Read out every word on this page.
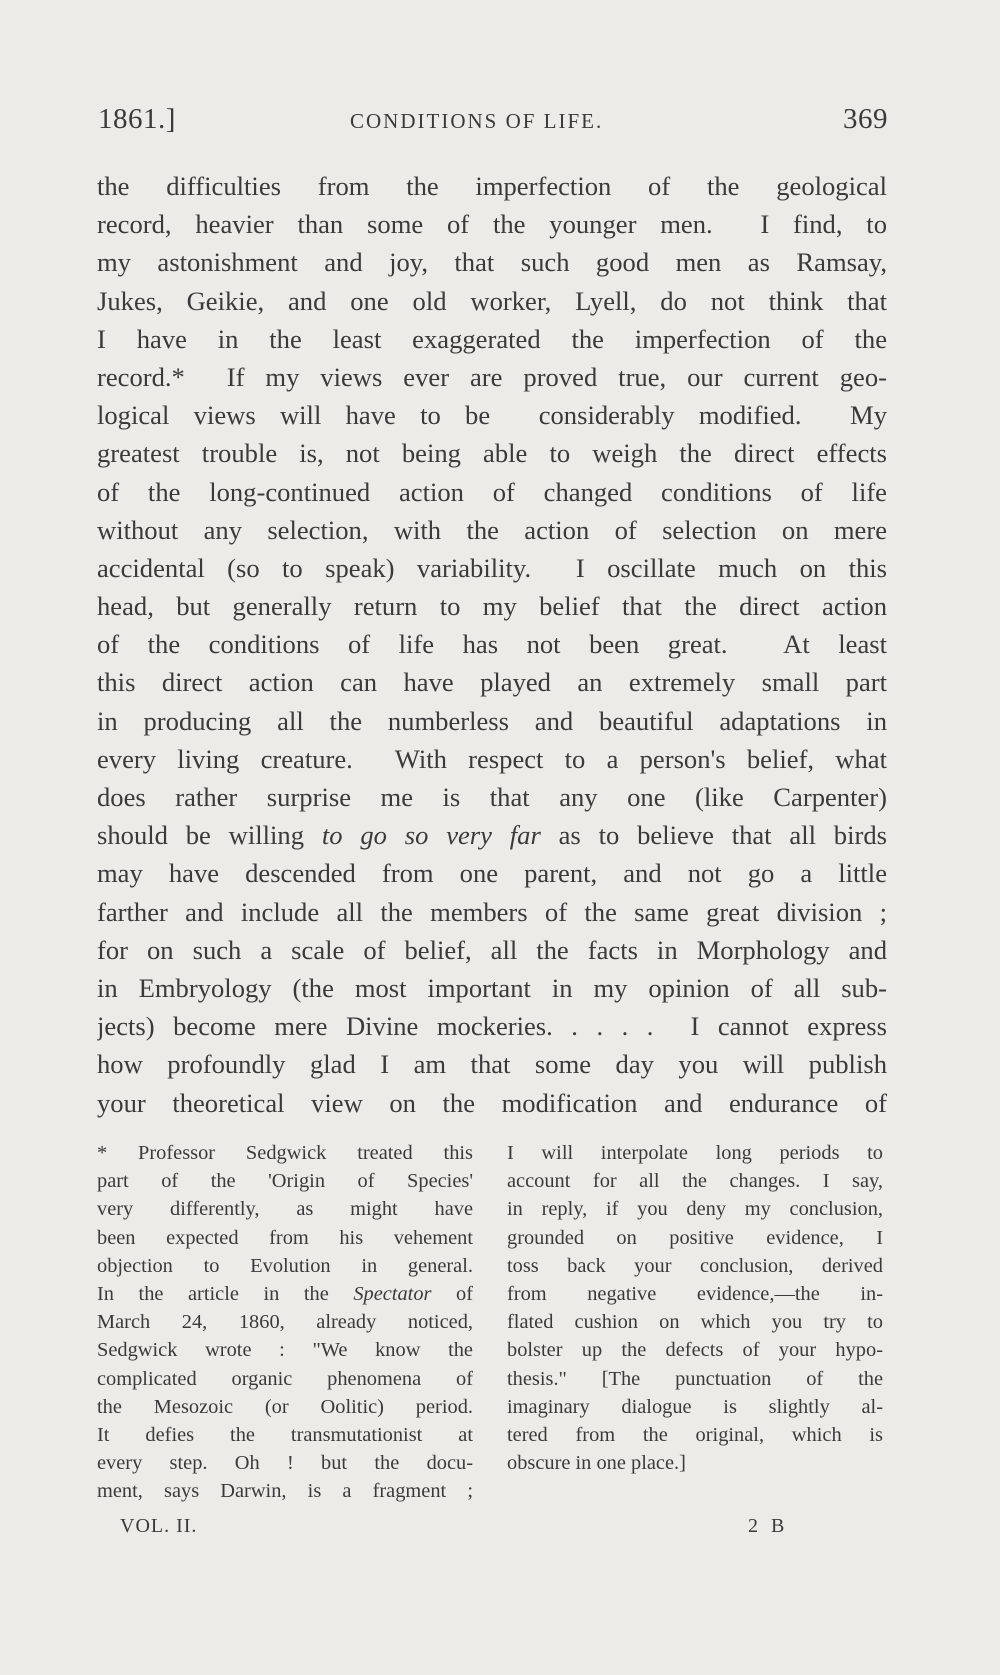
1861.]	CONDITIONS OF LIFE.	369
the difficulties from the imperfection of the geological
record, heavier than some of the younger men.  I find, to
my astonishment and joy, that such good men as Ramsay,
Jukes, Geikie, and one old worker, Lyell, do not think that
I have in the least exaggerated the imperfection of the
record.*  If my views ever are proved true, our current geo-
logical views will have to be  considerably modified.  My
greatest trouble is, not being able to weigh the direct effects
of the long-continued action of changed conditions of life
without any selection, with the action of selection on mere
accidental (so to speak) variability.  I oscillate much on this
head, but generally return to my belief that the direct action
of the conditions of life has not been great.  At least
this direct action can have played an extremely small part
in producing all the numberless and beautiful adaptations in
every living creature.  With respect to a person's belief, what
does rather surprise me is that any one (like Carpenter)
should be willing to go so very far as to believe that all birds
may have descended from one parent, and not go a little
farther and include all the members of the same great division ;
for on such a scale of belief, all the facts in Morphology and
in Embryology (the most important in my opinion of all sub-
jects) become mere Divine mockeries. . . . .  I cannot express
how profoundly glad I am that some day you will publish
your theoretical view on the modification and endurance of
* Professor Sedgwick treated this
part of the 'Origin of Species'
very differently, as might have
been expected from his vehement
objection to Evolution in general.
In the article in the Spectator of
March 24, 1860, already noticed,
Sedgwick wrote : "We know the
complicated organic phenomena of
the Mesozoic (or Oolitic) period.
It defies the transmutationist at
every step. Oh ! but the docu-
ment, says Darwin, is a fragment ;
I will interpolate long periods to
account for all the changes. I say,
in reply, if you deny my conclusion,
grounded on positive evidence, I
toss back your conclusion, derived
from negative evidence,—the in-
flated cushion on which you try to
bolster up the defects of your hypo-
thesis." [The punctuation of the
imaginary dialogue is slightly al-
tered from the original, which is
obscure in one place.]
VOL. II.	2 B
